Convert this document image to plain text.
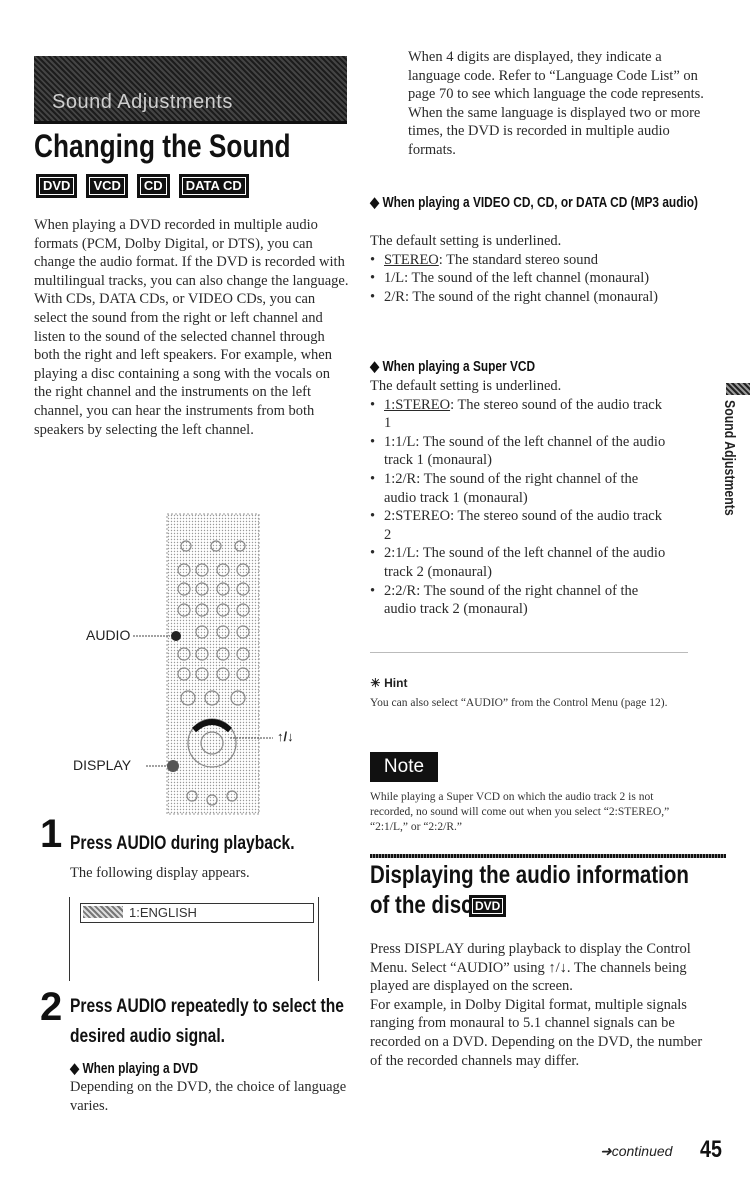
Sound Adjustments
Changing the Sound
DVD VCD CD DATA CD
When playing a DVD recorded in multiple audio formats (PCM, Dolby Digital, or DTS), you can change the audio format. If the DVD is recorded with multilingual tracks, you can also change the language.
With CDs, DATA CDs, or VIDEO CDs, you can select the sound from the right or left channel and listen to the sound of the selected channel through both the right and left speakers. For example, when playing a disc containing a song with the vocals on the right channel and the instruments on the left channel, you can hear the instruments from both speakers by selecting the left channel.
AUDIO
DISPLAY
↑/↓
1 Press AUDIO during playback.
The following display appears.
1:ENGLISH
2 Press AUDIO repeatedly to select the desired audio signal.
◆ When playing a DVD
Depending on the DVD, the choice of language varies.
When 4 digits are displayed, they indicate a language code. Refer to “Language Code List” on page 70 to see which language the code represents. When the same language is displayed two or more times, the DVD is recorded in multiple audio formats.
◆ When playing a VIDEO CD, CD, or DATA CD (MP3 audio)
The default setting is underlined.
• STEREO: The standard stereo sound
• 1/L: The sound of the left channel (monaural)
• 2/R: The sound of the right channel (monaural)
◆ When playing a Super VCD
The default setting is underlined.
• 1:STEREO: The stereo sound of the audio track 1
• 1:1/L: The sound of the left channel of the audio track 1 (monaural)
• 1:2/R: The sound of the right channel of the audio track 1 (monaural)
• 2:STEREO: The stereo sound of the audio track 2
• 2:1/L: The sound of the left channel of the audio track 2 (monaural)
• 2:2/R: The sound of the right channel of the audio track 2 (monaural)
☀ Hint
You can also select “AUDIO” from the Control Menu (page 12).
Note
While playing a Super VCD on which the audio track 2 is not recorded, no sound will come out when you select “2:STEREO,” “2:1/L,” or “2:2/R.”
Displaying the audio information
of the disc DVD
Press DISPLAY during playback to display the Control Menu. Select “AUDIO” using ↑/↓. The channels being played are displayed on the screen.
For example, in Dolby Digital format, multiple signals ranging from monaural to 5.1 channel signals can be recorded on a DVD. Depending on the DVD, the number of the recorded channels may differ.
Sound Adjustments
➜continued 45
